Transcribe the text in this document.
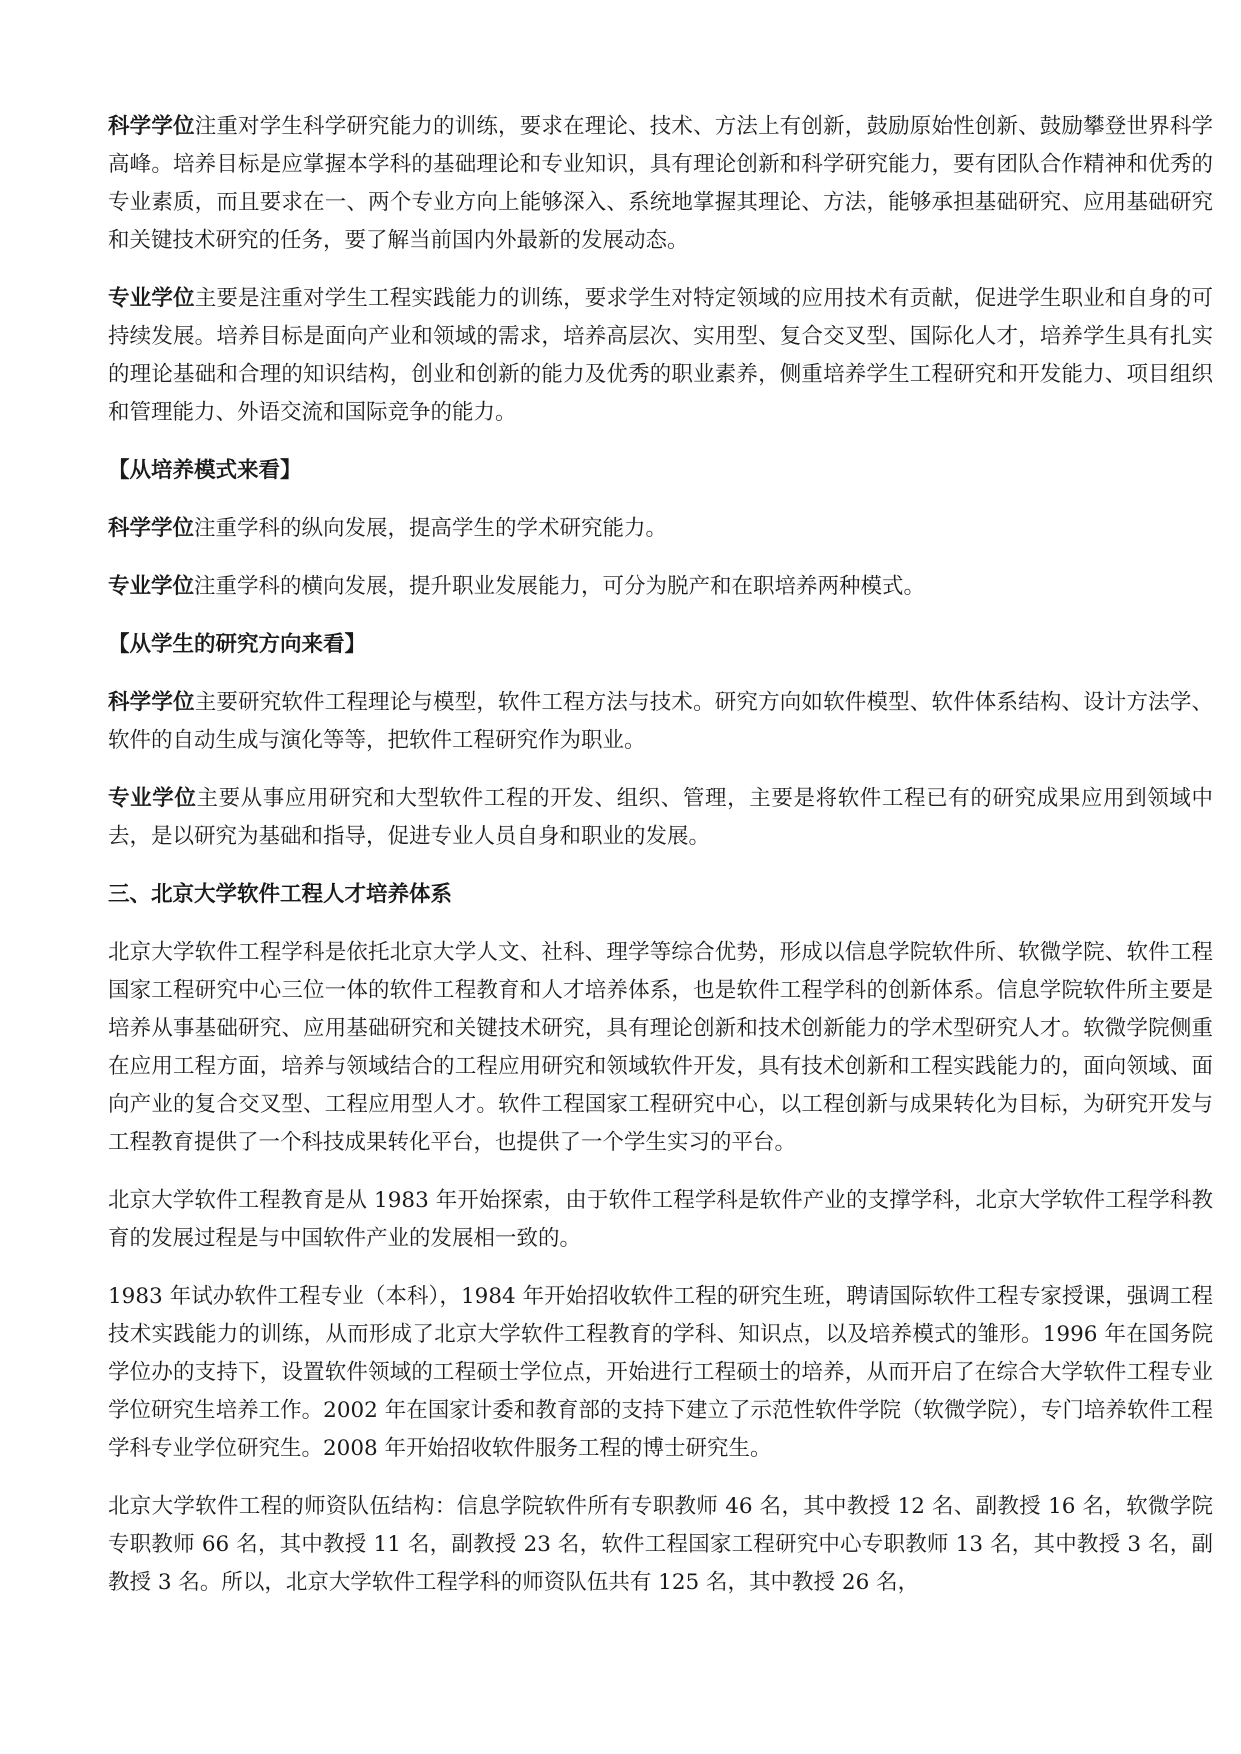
科学学位注重对学生科学研究能力的训练，要求在理论、技术、方法上有创新，鼓励原始性创新、鼓励攀登世界科学高峰。培养目标是应掌握本学科的基础理论和专业知识，具有理论创新和科学研究能力，要有团队合作精神和优秀的专业素质，而且要求在一、两个专业方向上能够深入、系统地掌握其理论、方法，能够承担基础研究、应用基础研究和关键技术研究的任务，要了解当前国内外最新的发展动态。

专业学位主要是注重对学生工程实践能力的训练，要求学生对特定领域的应用技术有贡献，促进学生职业和自身的可持续发展。培养目标是面向产业和领域的需求，培养高层次、实用型、复合交叉型、国际化人才，培养学生具有扎实的理论基础和合理的知识结构，创业和创新的能力及优秀的职业素养，侧重培养学生工程研究和开发能力、项目组织和管理能力、外语交流和国际竞争的能力。

【从培养模式来看】

科学学位注重学科的纵向发展，提高学生的学术研究能力。

专业学位注重学科的横向发展，提升职业发展能力，可分为脱产和在职培养两种模式。

【从学生的研究方向来看】

科学学位主要研究软件工程理论与模型，软件工程方法与技术。研究方向如软件模型、软件体系结构、设计方法学、软件的自动生成与演化等等，把软件工程研究作为职业。

专业学位主要从事应用研究和大型软件工程的开发、组织、管理，主要是将软件工程已有的研究成果应用到领域中去，是以研究为基础和指导，促进专业人员自身和职业的发展。

三、北京大学软件工程人才培养体系

北京大学软件工程学科是依托北京大学人文、社科、理学等综合优势，形成以信息学院软件所、软微学院、软件工程国家工程研究中心三位一体的软件工程教育和人才培养体系，也是软件工程学科的创新体系。信息学院软件所主要是培养从事基础研究、应用基础研究和关键技术研究，具有理论创新和技术创新能力的学术型研究人才。软微学院侧重在应用工程方面，培养与领域结合的工程应用研究和领域软件开发，具有技术创新和工程实践能力的，面向领域、面向产业的复合交叉型、工程应用型人才。软件工程国家工程研究中心，以工程创新与成果转化为目标，为研究开发与工程教育提供了一个科技成果转化平台，也提供了一个学生实习的平台。

北京大学软件工程教育是从 1983 年开始探索，由于软件工程学科是软件产业的支撑学科，北京大学软件工程学科教育的发展过程是与中国软件产业的发展相一致的。

1983 年试办软件工程专业（本科），1984 年开始招收软件工程的研究生班，聘请国际软件工程专家授课，强调工程技术实践能力的训练，从而形成了北京大学软件工程教育的学科、知识点，以及培养模式的雏形。1996 年在国务院学位办的支持下，设置软件领域的工程硕士学位点，开始进行工程硕士的培养，从而开启了在综合大学软件工程专业学位研究生培养工作。2002 年在国家计委和教育部的支持下建立了示范性软件学院（软微学院），专门培养软件工程学科专业学位研究生。2008 年开始招收软件服务工程的博士研究生。

北京大学软件工程的师资队伍结构：信息学院软件所有专职教师 46 名，其中教授 12 名、副教授 16 名，软微学院专职教师 66 名，其中教授 11 名，副教授 23 名，软件工程国家工程研究中心专职教师 13 名，其中教授 3 名，副教授 3 名。所以，北京大学软件工程学科的师资队伍共有 125 名，其中教授 26 名，
